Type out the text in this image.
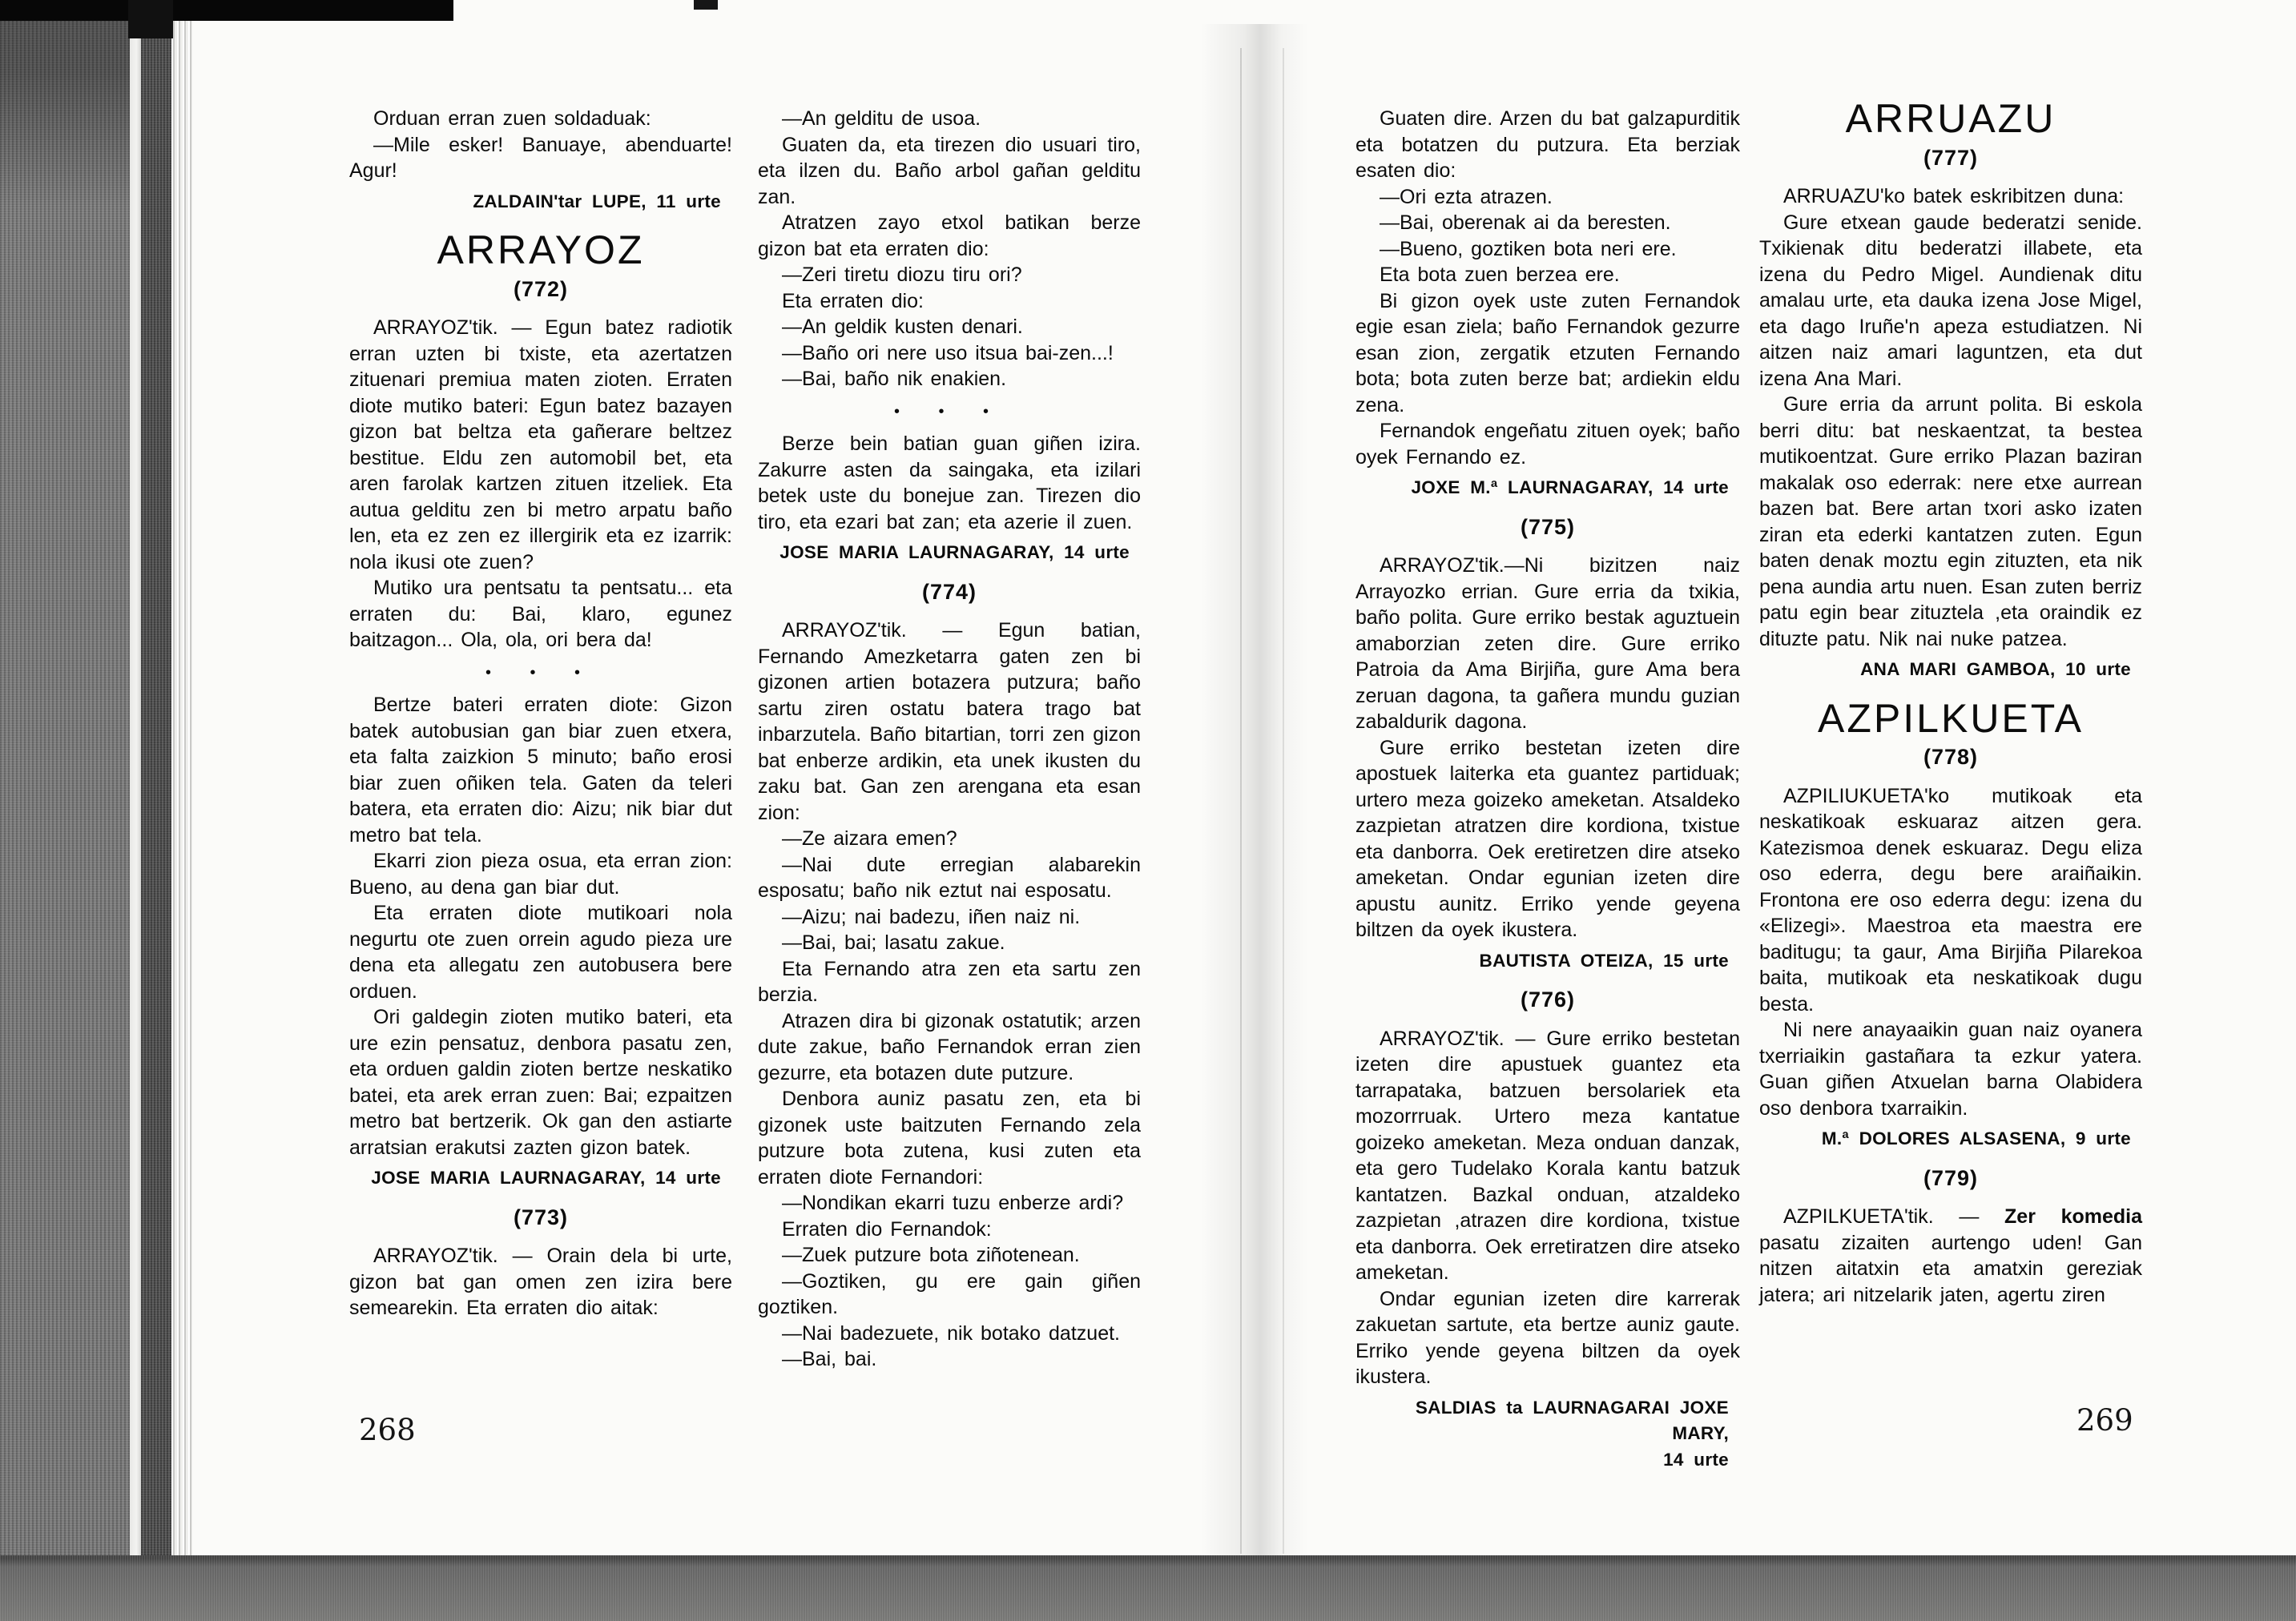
Orduan erran zuen soldaduak:

—Mile esker! Banuaye, abenduarte! Agur!

ZALDAIN'tar LUPE, 11 urte
ARRAYOZ
(772)

ARRAYOZ'tik. — Egun batez radiotik erran uzten bi txiste, eta azertatzen zituenari premiua maten zioten. Erraten diote mutiko bateri: Egun batez bazayen gizon bat beltza eta gañerare beltzez bestitue. Eldu zen automobil bet, eta aren farolak kartzen zituen itzeliek. Eta autua gelditu zen bi metro arpatu baño len, eta ez zen ez illergirik eta ez izarrik: nola ikusi ote zuen?

Mutiko ura pentsatu ta pentsatu... eta erraten du: Bai, klaro, egunez baitzagon... Ola, ola, ori bera da!

• • •

Bertze bateri erraten diote: Gizon batek autobusian gan biar zuen etxera, eta falta zaizkion 5 minuto; baño erosi biar zuen oñiken tela. Gaten da teleri batera, eta erraten dio: Aizu; nik biar dut metro bat tela.

Ekarri zion pieza osua, eta erran zion: Bueno, au dena gan biar dut.

Eta erraten diote mutikoari nola negurtu ote zuen orrein agudo pieza ure dena eta allegatu zen autobusera bere orduen.

Ori galdegin zioten mutiko bateri, eta ure ezin pensatuz, denbora pasatu zen, eta orduen galdin zioten bertze neskatiko batei, eta arek erran zuen: Bai; ezpaitzen metro bat bertzerik. Ok gan den astiarte arratsian erakutsi zazten gizon batek.

JOSE MARIA LAURNAGARAY, 14 urte
(773)

ARRAYOZ'tik. — Orain dela bi urte, gizon bat gan omen zen izira bere semearekin. Eta erraten dio aitak:

—An gelditu de usoa.

Guaten da, eta tirezen dio usuari tiro, eta ilzen du. Baño arbol gañan gelditu zan.

Atratzen zayo etxol batikan berze gizon bat eta erraten dio:

—Zeri tiretu diozu tiru ori?

Eta erraten dio:

—An geldik kusten denari.

—Baño ori nere uso itsua bai-zen...!

—Bai, baño nik enakien.

• • •

Berze bein batian guan giñen izira. Zakurre asten da saingaka, eta izilari betek uste du bonejue zan. Tirezen dio tiro, eta ezari bat zan; eta azerie il zuen.

JOSE MARIA LAURNAGARAY, 14 urte
(774)

ARRAYOZ'tik. — Egun batian, Fernando Amezketarra gaten zen bi gizonen artien botazera putzura; baño sartu ziren ostatu batera trago bat inbarzutela. Baño bitartian, torri zen gizon bat enberze ardikin, eta unek ikusten du zaku bat. Gan zen arengana eta esan zion:

—Ze aizara emen?

—Nai dute erregian alabarekin esposatu; baño nik eztut nai esposatu.

—Aizu; nai badezu, iñen naiz ni.

—Bai, bai; lasatu zakue.

Eta Fernando atra zen eta sartu zen berzia.

Atrazen dira bi gizonak ostatutik; arzen dute zakue, baño Fernandok erran zien gezurre, eta botazen dute putzure.

Denbora auniz pasatu zen, eta bi gizonek uste baitzuten Fernando zela putzure bota zutena, kusi zuten eta erraten diote Fernandori:

—Nondikan ekarri tuzu enberze ardi?

Erraten dio Fernandok:

—Zuek putzure bota ziñotenean.

—Goztiken, gu ere gain giñen goztiken.

—Nai badezuete, nik botako datzuet.

—Bai, bai.

268

Guaten dire. Arzen du bat galzapurditik eta botatzen du putzura. Eta berziak esaten dio:

—Ori ezta atrazen.

—Bai, oberenak ai da beresten.

—Bueno, goztiken bota neri ere.

Eta bota zuen berzea ere.

Bi gizon oyek uste zuten Fernandok egie esan ziela; baño Fernandok gezurre esan zion, zergatik etzuten Fernando bota; bota zuten berze bat; ardiekin eldu zena.

Fernandok engeñatu zituen oyek; baño oyek Fernando ez.

JOXE M.ª LAURNAGARAY, 14 urte
(775)

ARRAYOZ'tik.—Ni bizitzen naiz Arrayozko errian. Gure erria da txikia, baño polita. Gure erriko bestak aguztuein amaborzian zeten dire. Gure erriko Patroia da Ama Birjiña, gure Ama bera zeruan dagona, ta gañera mundu guzian zabaldurik dagona.

Gure erriko bestetan izeten dire apostuek laiterka eta guantez partiduak; urtero meza goizeko ameketan. Atsaldeko zazpietan atratzen dire kordiona, txistue eta danborra. Oek eretiretzen dire atseko ameketan. Ondar egunian izeten dire apustu aunitz. Erriko yende geyena biltzen da oyek ikustera.

BAUTISTA OTEIZA, 15 urte
(776)

ARRAYOZ'tik. — Gure erriko bestetan izeten dire apustuek guantez eta tarrapataka, batzuen bersolariek eta mozorrruak. Urtero meza kantatue goizeko ameketan. Meza onduan danzak, eta gero Tudelako Korala kantu batzuk kantatzen. Bazkal onduan, atzaldeko zazpietan ,atrazen dire kordiona, txistue eta danborra. Oek erretiratzen dire atseko ameketan.

Ondar egunian izeten dire karrerak zakuetan sartute, eta bertze auniz gaute. Erriko yende geyena biltzen da oyek ikustera.

SALDIAS ta LAURNAGARAI JOXE MARY,
14 urte
ARRUAZU
(777)

ARRUAZU'ko batek eskribitzen duna:

Gure etxean gaude bederatzi senide. Txikienak ditu bederatzi illabete, eta izena du Pedro Migel. Aundienak ditu amalau urte, eta dauka izena Jose Migel, eta dago Iruñe'n apeza estudiatzen. Ni aitzen naiz amari laguntzen, eta dut izena Ana Mari.

Gure erria da arrunt polita. Bi eskola berri ditu: bat neskaentzat, ta bestea mutikoentzat. Gure erriko Plazan baziran makalak oso ederrak: nere etxe aurrean bazen bat. Bere artan txori asko izaten ziran eta ederki kantatzen zuten. Egun baten denak moztu egin zituzten, eta nik pena aundia artu nuen. Esan zuten berriz patu egin bear zituztela ,eta oraindik ez dituzte patu. Nik nai nuke patzea.

ANA MARI GAMBOA, 10 urte
AZPILKUETA
(778)

AZPILIUKUETA'ko mutikoak eta neskatikoak eskuaraz aitzen gera. Katezismoa denek eskuaraz. Degu eliza oso ederra, degu bere araiñaikin. Frontona ere oso ederra degu: izena du «Elizegi». Maestroa eta maestra ere baditugu; ta gaur, Ama Birjiña Pilarekoa baita, mutikoak eta neskatikoak dugu besta.

Ni nere anayaaikin guan naiz oyanera txerriaikin gastañara ta ezkur yatera. Guan giñen Atxuelan barna Olabidera oso denbora txarraikin.

M.ª DOLORES ALSASENA, 9 urte
(779)

AZPILKUETA'tik. — Zer komedia pasatu zizaiten aurtengo uden! Gan nitzen aitatxin eta amatxin gereziak jatera; ari nitzelarik jaten, agertu ziren

269
